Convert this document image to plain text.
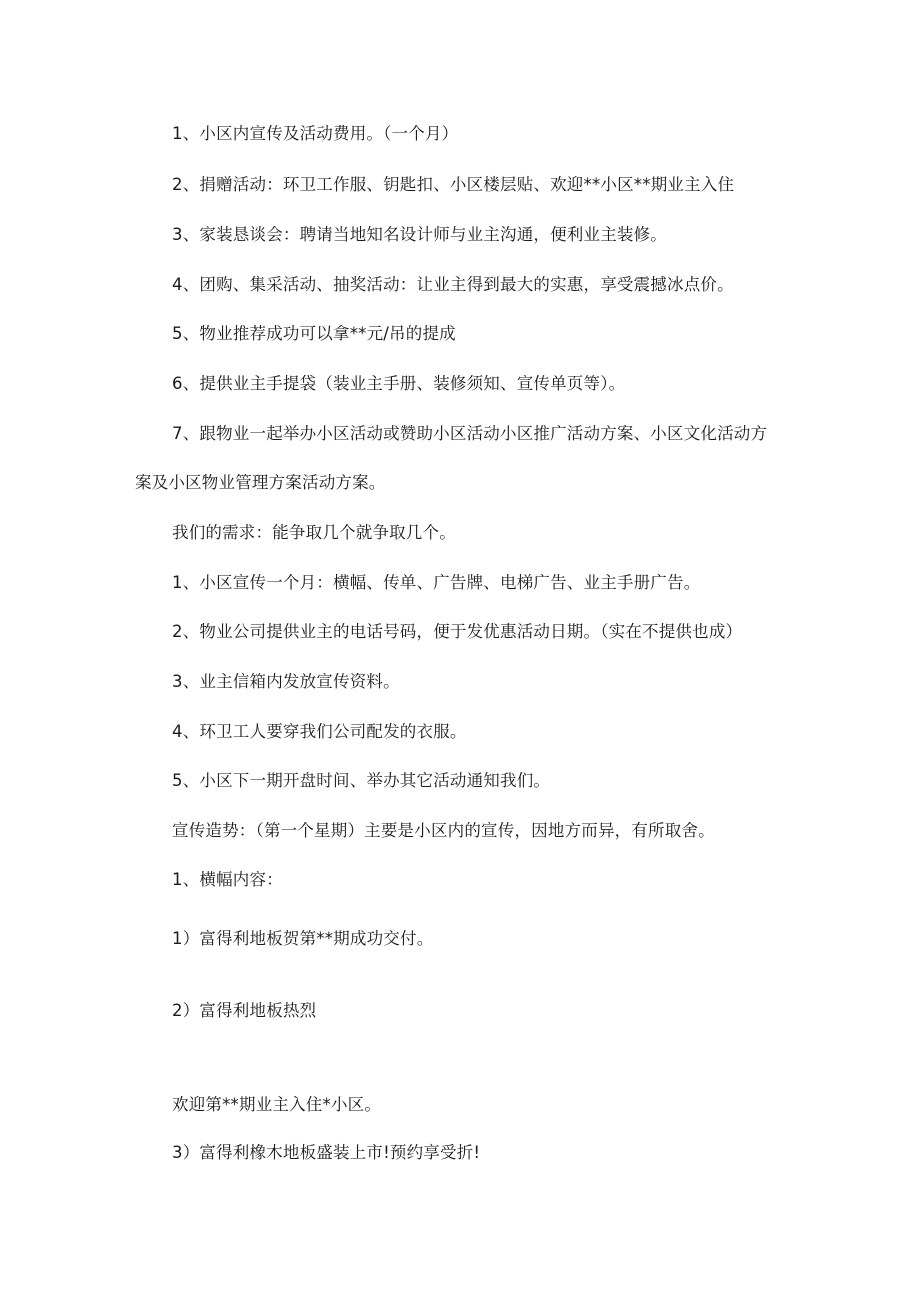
1、小区内宣传及活动费用。（一个月）
2、捐赠活动：环卫工作服、钥匙扣、小区楼层贴、欢迎**小区**期业主入住
3、家装恳谈会：聘请当地知名设计师与业主沟通，便利业主装修。
4、团购、集采活动、抽奖活动：让业主得到最大的实惠，享受震撼冰点价。
5、物业推荐成功可以拿**元/吊的提成
6、提供业主手提袋（装业主手册、装修须知、宣传单页等）。
7、跟物业一起举办小区活动或赞助小区活动小区推广活动方案、小区文化活动方
案及小区物业管理方案活动方案。
我们的需求：能争取几个就争取几个。
1、小区宣传一个月：横幅、传单、广告牌、电梯广告、业主手册广告。
2、物业公司提供业主的电话号码，便于发优惠活动日期。（实在不提供也成）
3、业主信箱内发放宣传资料。
4、环卫工人要穿我们公司配发的衣服。
5、小区下一期开盘时间、举办其它活动通知我们。
宣传造势：（第一个星期）主要是小区内的宣传，因地方而异，有所取舍。
1、横幅内容：
1）富得利地板贺第**期成功交付。
2）富得利地板热烈
欢迎第**期业主入住*小区。
3）富得利橡木地板盛装上市!预约享受折!
